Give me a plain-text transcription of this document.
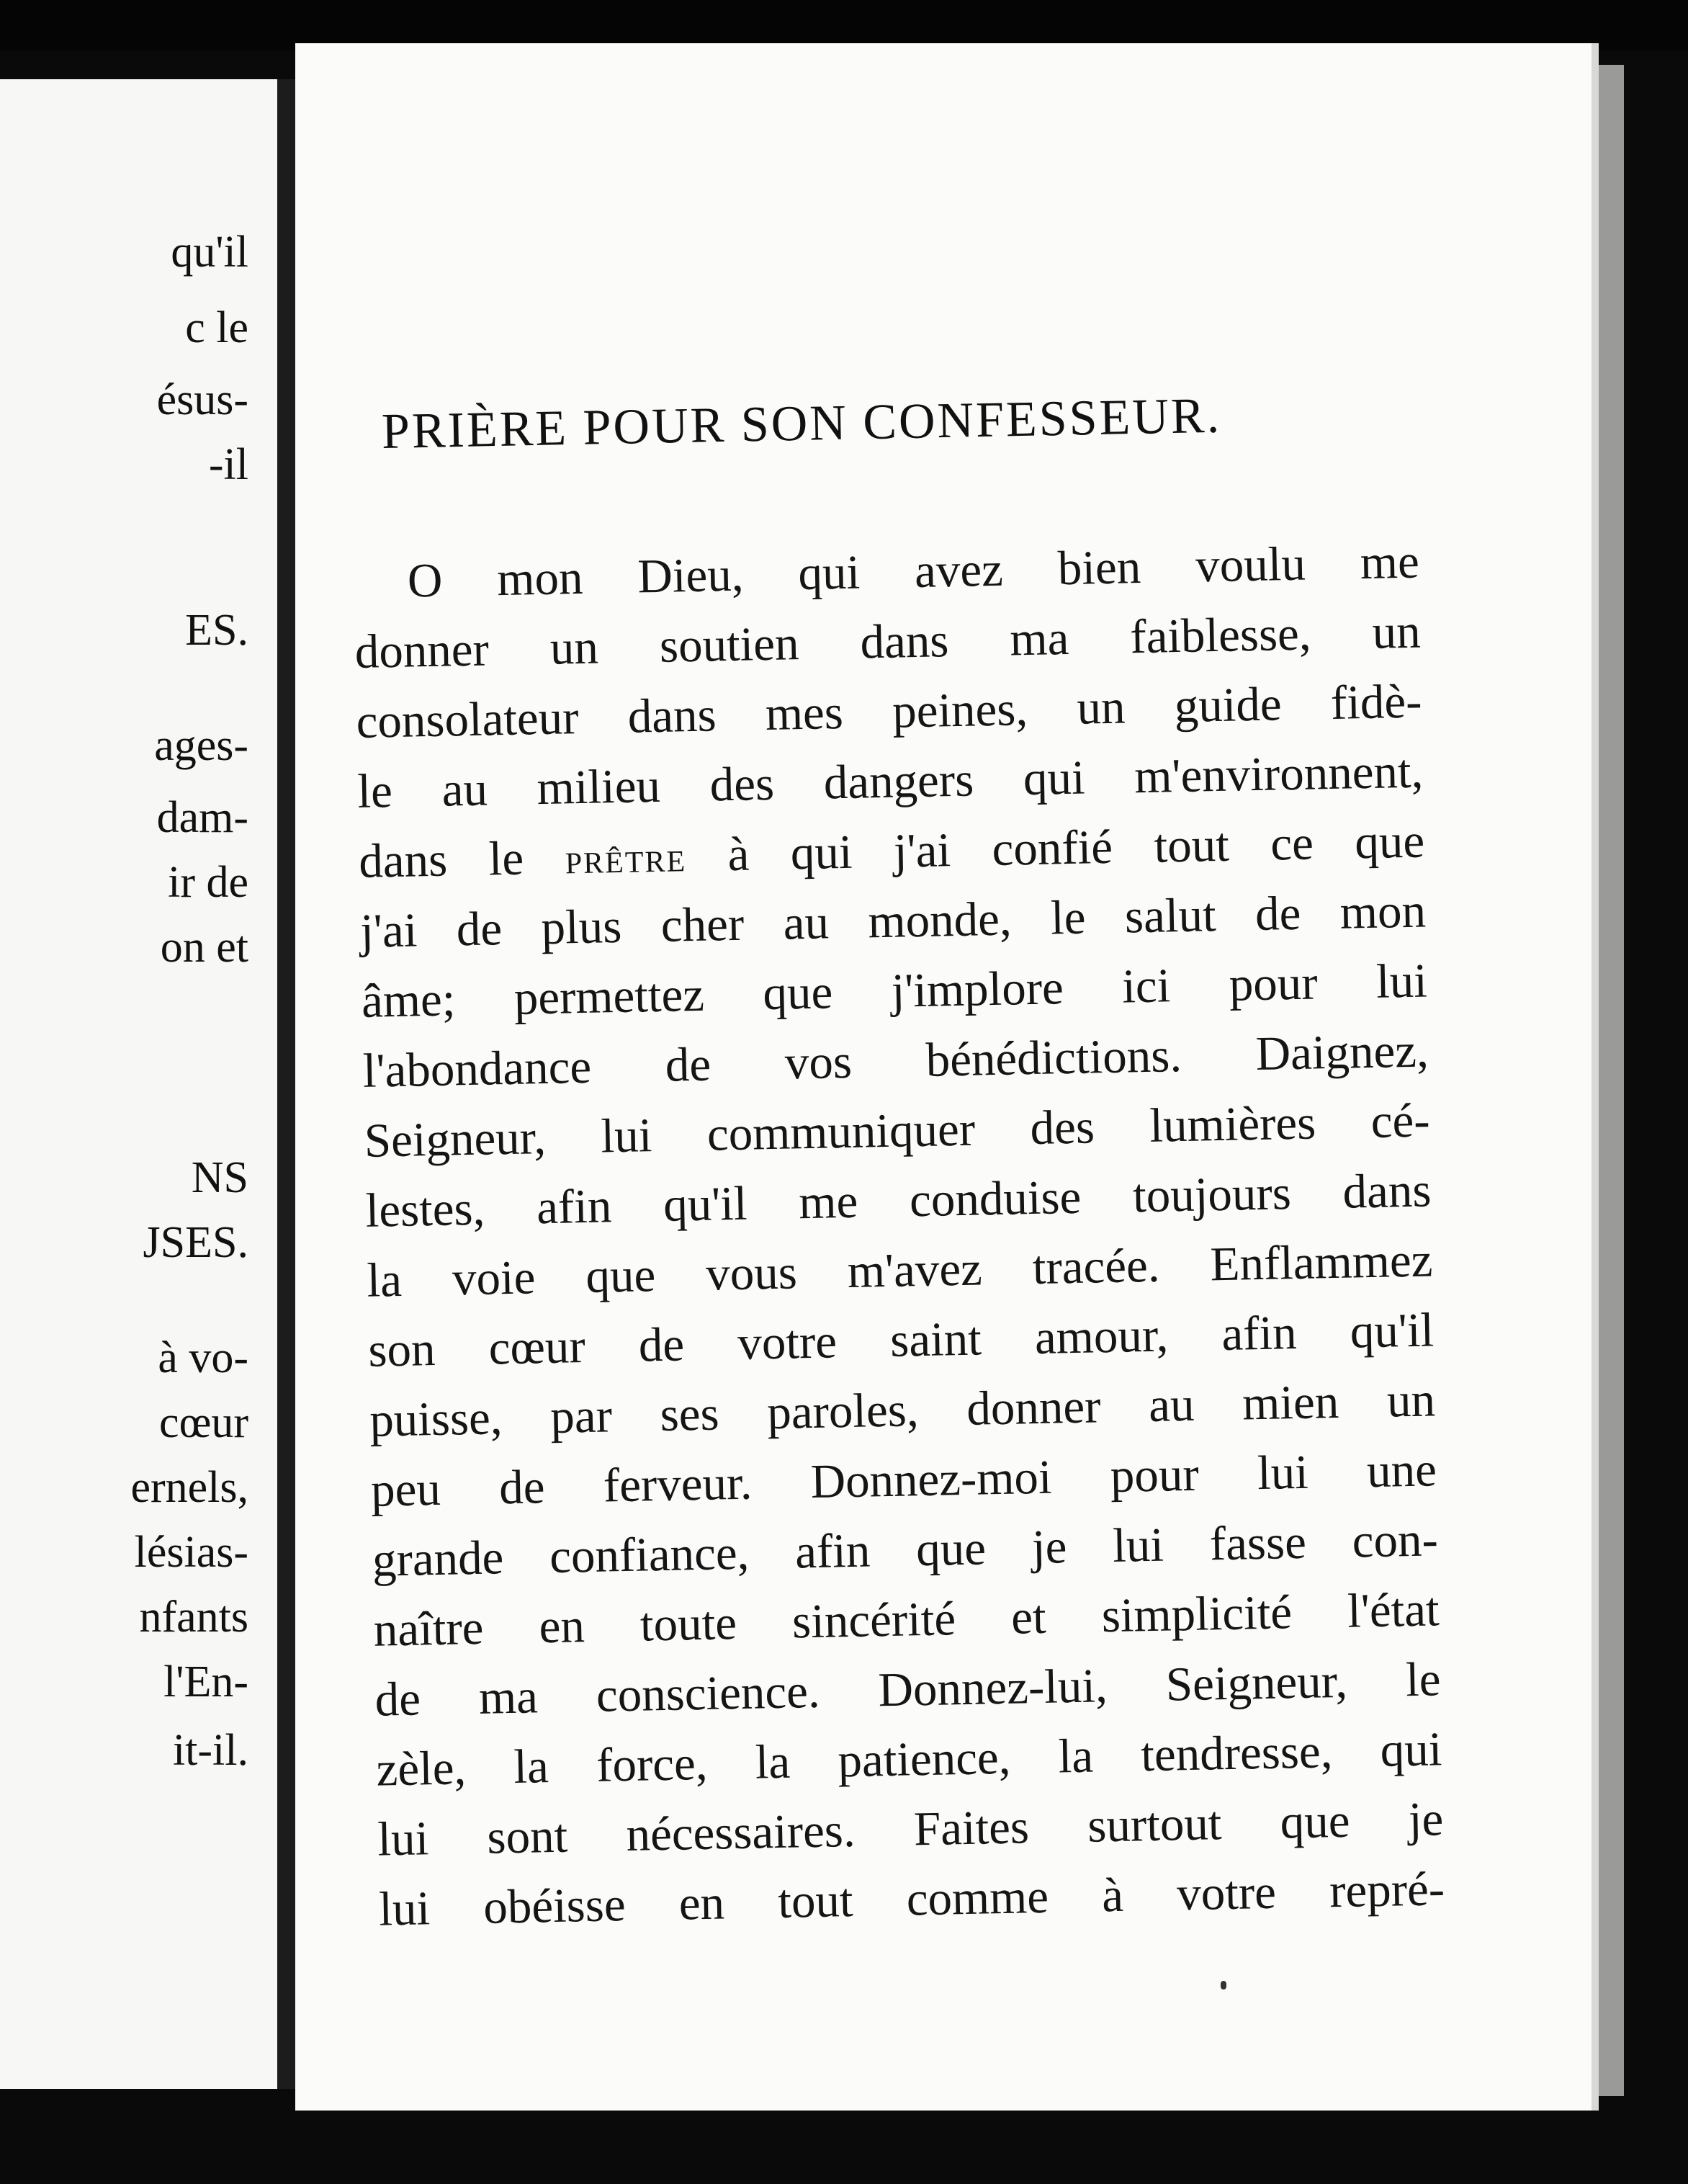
qu'il
c le
ésus-
-il
ES.
ages-
dam-
ir de
on et
NS
JSES.
à vo-
cœur
ernels,
lésias-
nfants
l'En-
it-il.
PRIÈRE POUR SON CONFESSEUR.
O mon Dieu, qui avez bien voulu me
donner un soutien dans ma faiblesse, un
consolateur dans mes peines, un guide fidè-
le au milieu des dangers qui m'environnent,
dans le prêtre à qui j'ai confié tout ce que
j'ai de plus cher au monde, le salut de mon
âme; permettez que j'implore ici pour lui
l'abondance de vos bénédictions. Daignez,
Seigneur, lui communiquer des lumières cé-
lestes, afin qu'il me conduise toujours dans
la voie que vous m'avez tracée. Enflammez
son cœur de votre saint amour, afin qu'il
puisse, par ses paroles, donner au mien un
peu de ferveur. Donnez-moi pour lui une
grande confiance, afin que je lui fasse con-
naître en toute sincérité et simplicité l'état
de ma conscience. Donnez-lui, Seigneur, le
zèle, la force, la patience, la tendresse, qui
lui sont nécessaires. Faites surtout que je
lui obéisse en tout comme à votre repré-
